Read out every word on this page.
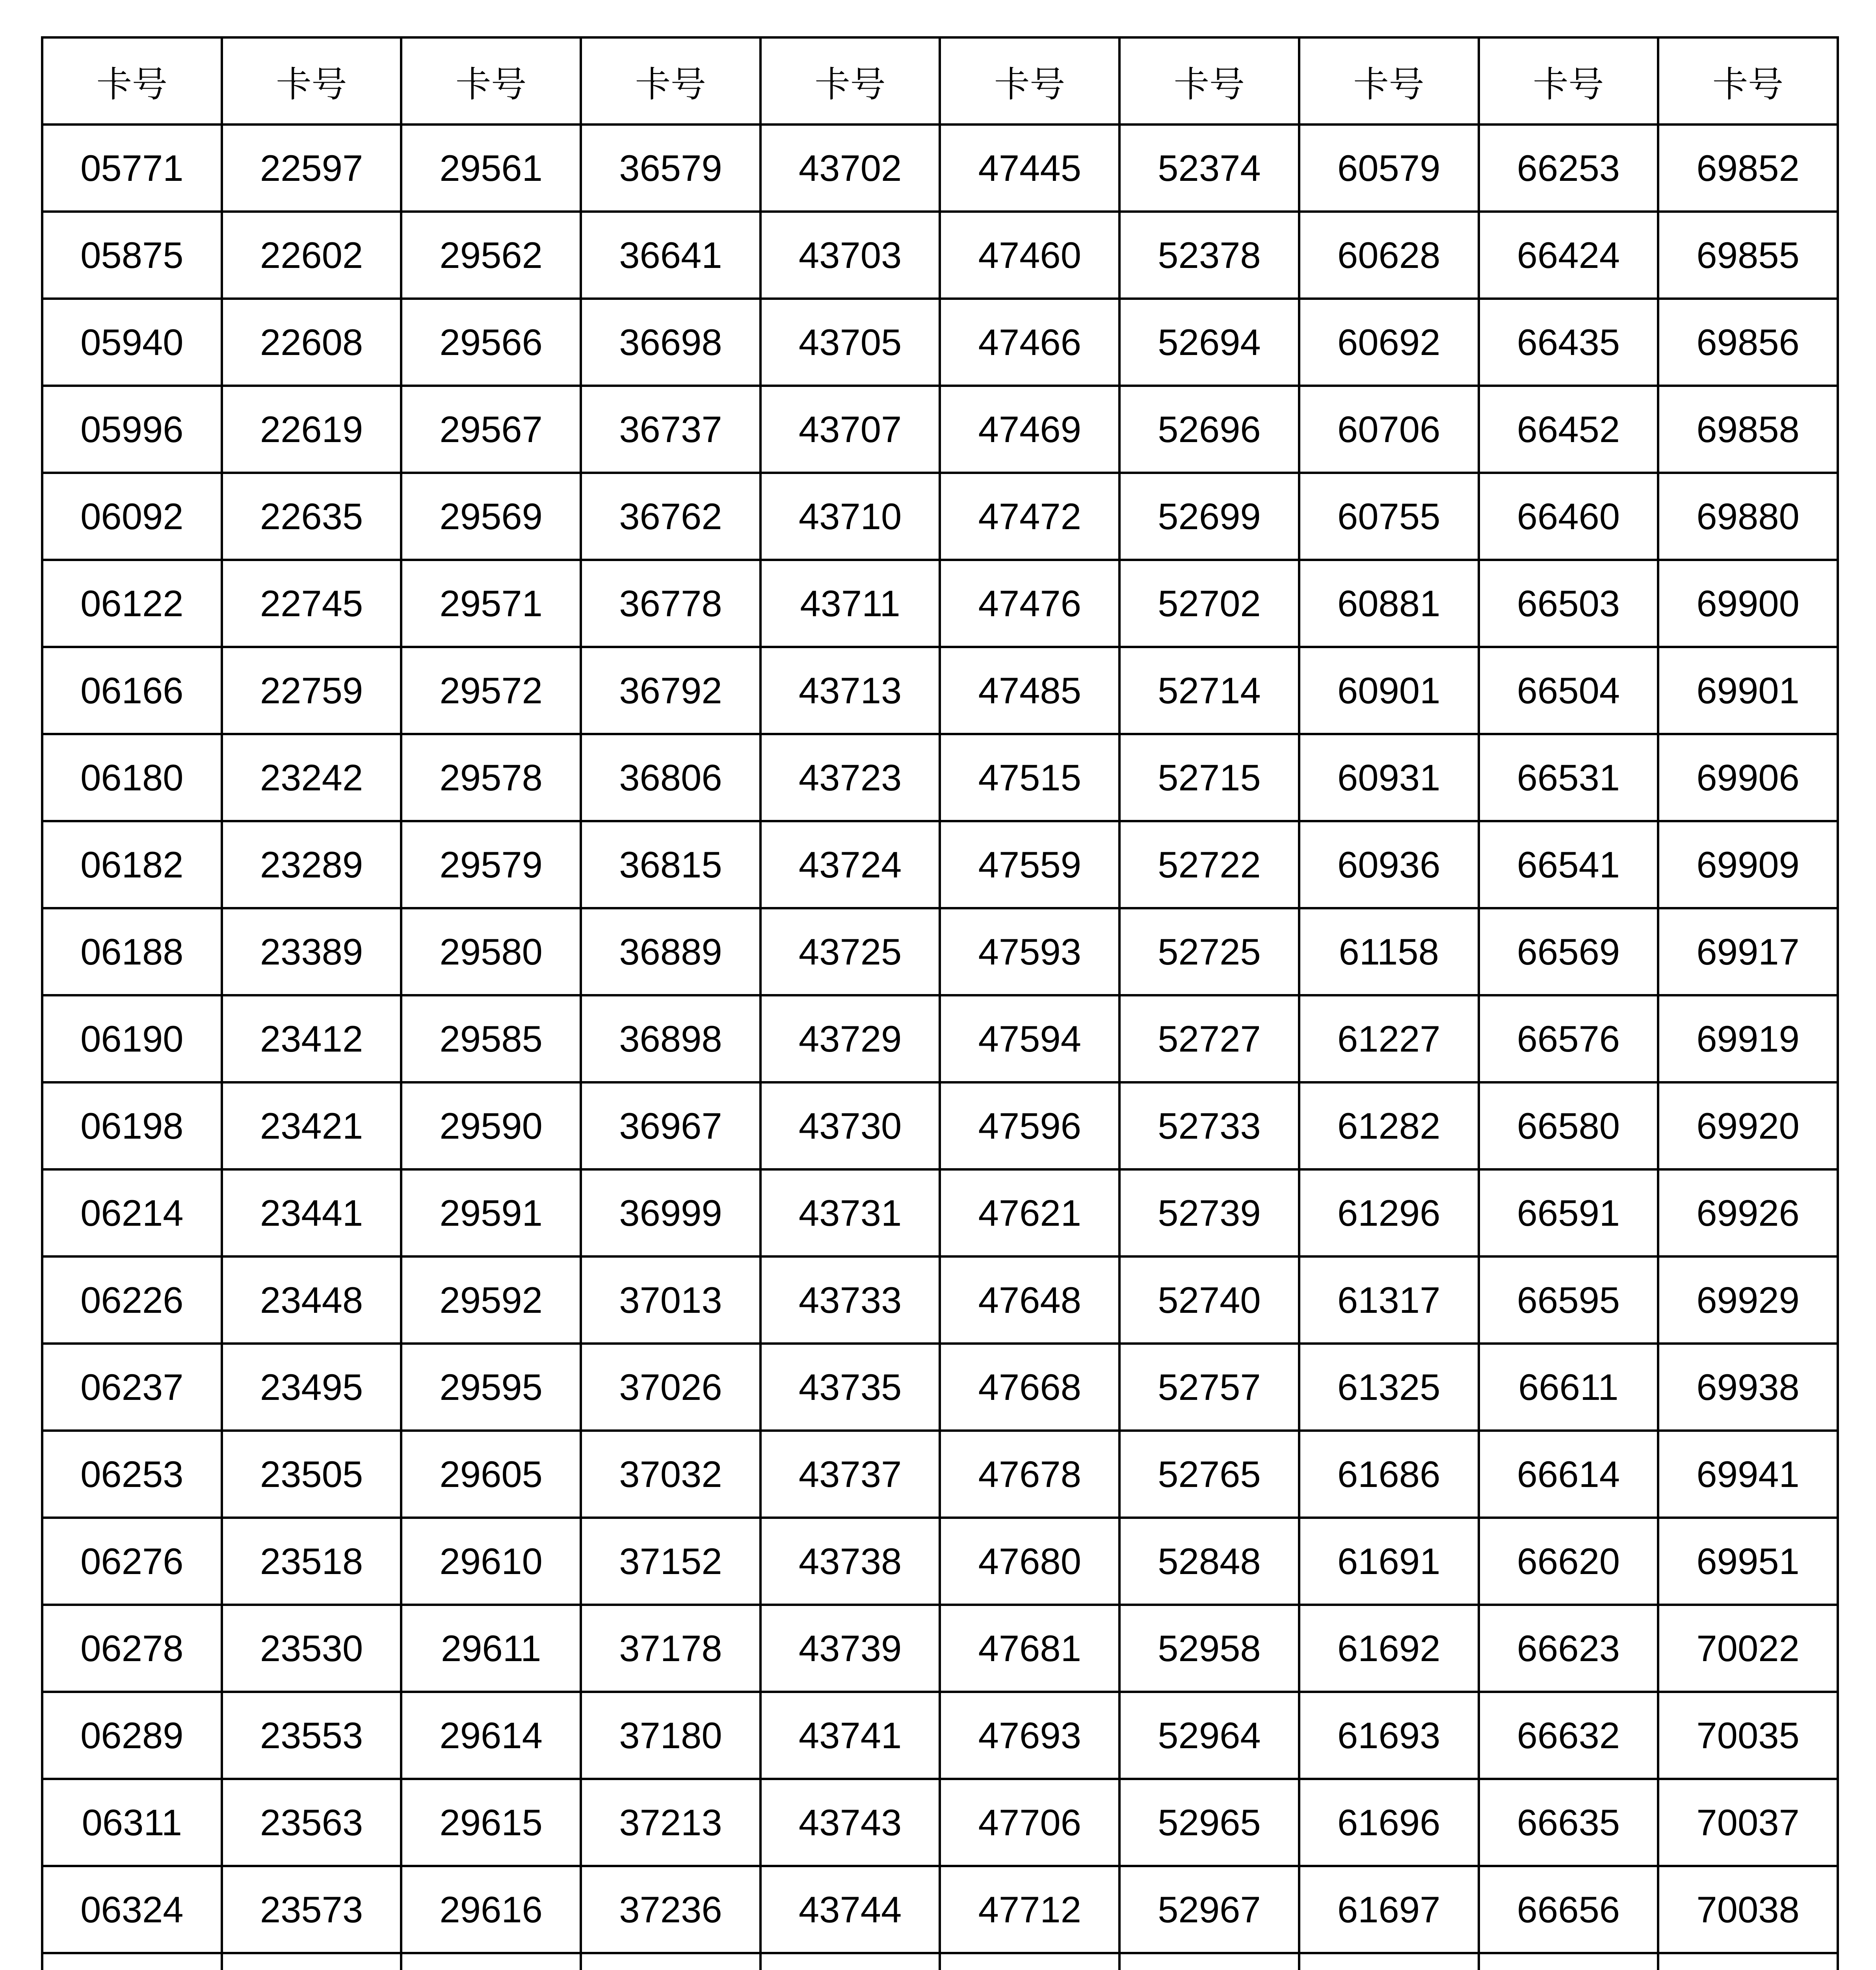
卡号	卡号	卡号	卡号	卡号	卡号	卡号	卡号	卡号	卡号
05771	22597	29561	36579	43702	47445	52374	60579	66253	69852
05875	22602	29562	36641	43703	47460	52378	60628	66424	69855
05940	22608	29566	36698	43705	47466	52694	60692	66435	69856
05996	22619	29567	36737	43707	47469	52696	60706	66452	69858
06092	22635	29569	36762	43710	47472	52699	60755	66460	69880
06122	22745	29571	36778	43711	47476	52702	60881	66503	69900
06166	22759	29572	36792	43713	47485	52714	60901	66504	69901
06180	23242	29578	36806	43723	47515	52715	60931	66531	69906
06182	23289	29579	36815	43724	47559	52722	60936	66541	69909
06188	23389	29580	36889	43725	47593	52725	61158	66569	69917
06190	23412	29585	36898	43729	47594	52727	61227	66576	69919
06198	23421	29590	36967	43730	47596	52733	61282	66580	69920
06214	23441	29591	36999	43731	47621	52739	61296	66591	69926
06226	23448	29592	37013	43733	47648	52740	61317	66595	69929
06237	23495	29595	37026	43735	47668	52757	61325	66611	69938
06253	23505	29605	37032	43737	47678	52765	61686	66614	69941
06276	23518	29610	37152	43738	47680	52848	61691	66620	69951
06278	23530	29611	37178	43739	47681	52958	61692	66623	70022
06289	23553	29614	37180	43741	47693	52964	61693	66632	70035
06311	23563	29615	37213	43743	47706	52965	61696	66635	70037
06324	23573	29616	37236	43744	47712	52967	61697	66656	70038
